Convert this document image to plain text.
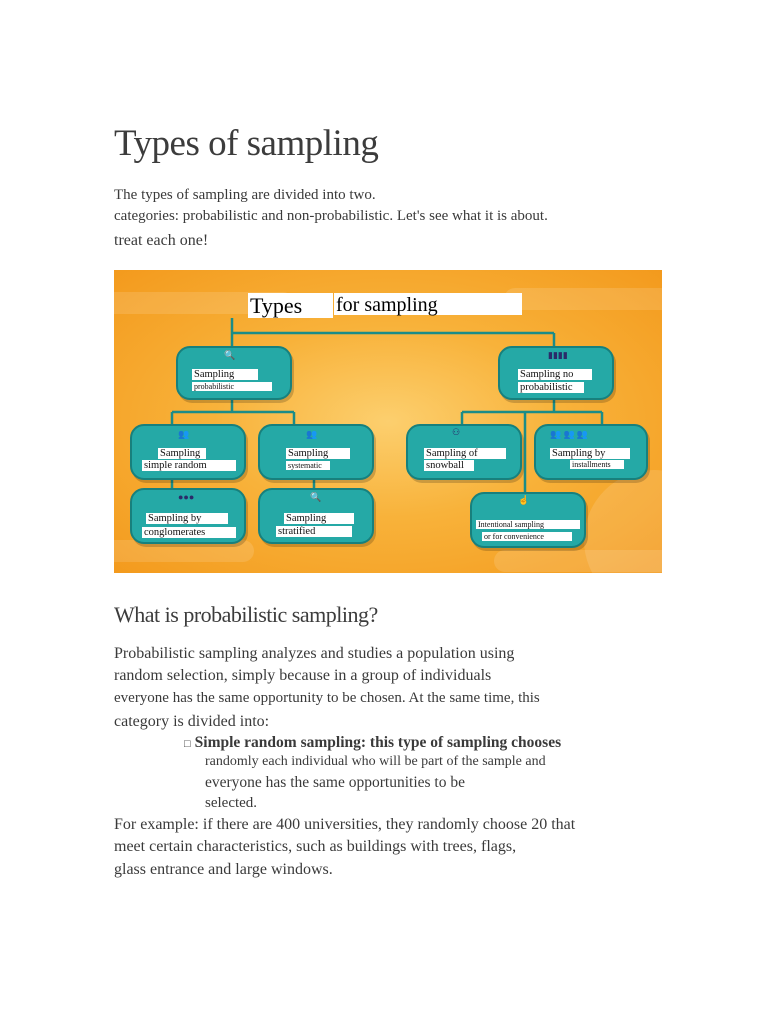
Types of sampling
The types of sampling are divided into two.
categories: probabilistic and non-probabilistic. Let's see what it is about.
treat each one!
Types	for sampling
🔍
Sampling
probabilistic
▮▮▮▮
Sampling no
probabilistic
👥
Sampling
simple random
👥
Sampling
systematic
●●●
Sampling by
conglomerates
🔍
Sampling
stratified
⚇
Sampling of
snowball
👥 👥 👥
Sampling by
installments
☝
Intentional sampling
or for convenience
What is probabilistic sampling?
Probabilistic sampling analyzes and studies a population using
random selection, simply because in a group of individuals
everyone has the same opportunity to be chosen. At the same time, this
category is divided into:
□ Simple random sampling: this type of sampling chooses
randomly each individual who will be part of the sample and
everyone has the same opportunities to be
selected.
For example: if there are 400 universities, they randomly choose 20 that
meet certain characteristics, such as buildings with trees, flags,
glass entrance and large windows.
